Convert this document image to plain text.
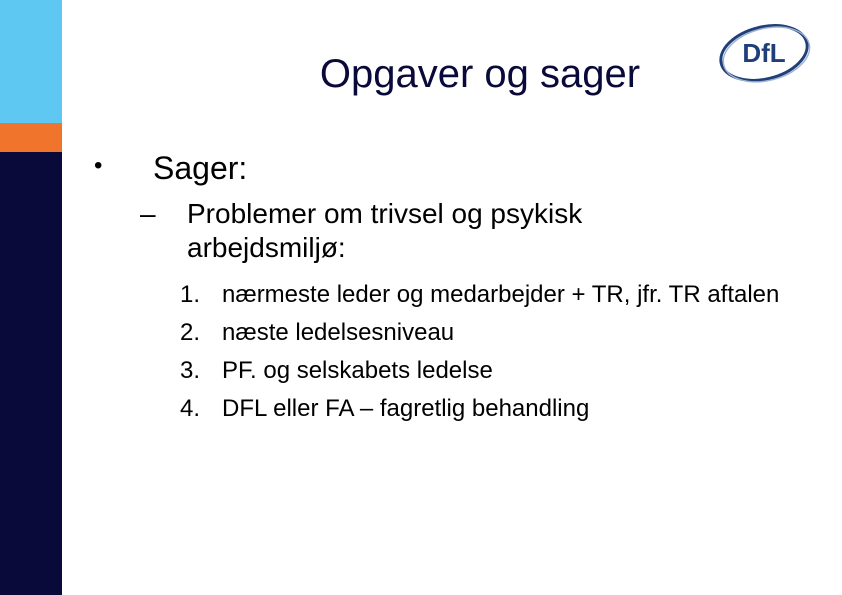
Opgaver og sager	DfL
• Sager:
– Problemer om trivsel og psykisk arbejdsmiljø:
1. nærmeste leder og medarbejder + TR, jfr. TR aftalen
2. næste ledelsesniveau
3. PF. og selskabets ledelse
4. DFL eller FA – fagretlig behandling
